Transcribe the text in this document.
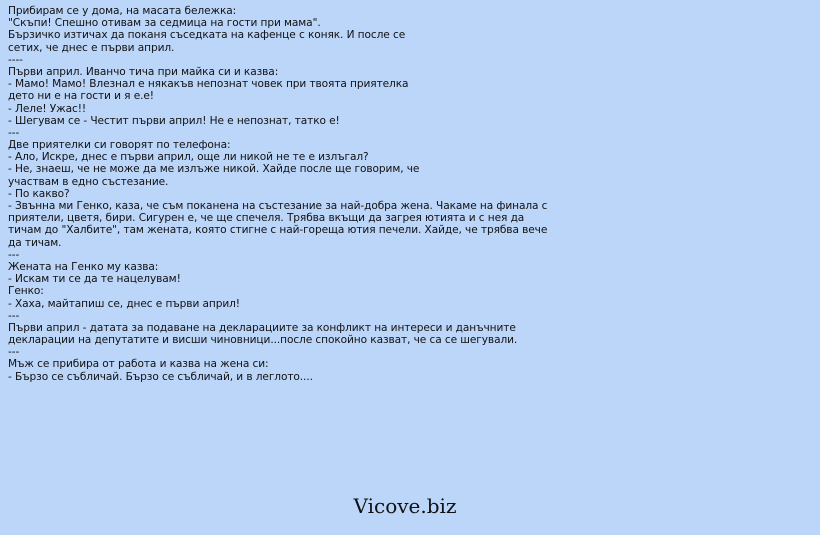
Прибирам се у дома, на масата бележка:
"Скъпи! Спешно отивам за седмица на гости при мама".
Бързичко изтичах да поканя съседката на кафенце с коняк. И после се
сетих, че днес е първи април.
----
Първи април. Иванчо тича при майка си и казва:
- Мамо! Мамо! Влезнал е някакъв непознат човек при твоята приятелка
дето ни е на гости и я е.е!
- Леле! Ужас!!
- Шегувам се - Честит първи април! Не е непознат, татко е!
---
Две приятелки си говорят по телефона:
- Ало, Искре, днес е първи април, още ли никой не те е излъгал?
- Не, знаеш, че не може да ме излъже никой. Хайде после ще говорим, че
участвам в едно състезание.
- По какво?
- Звънна ми Генко, каза, че съм поканена на състезание за най-добра жена. Чакаме на финала с
приятели, цветя, бири. Сигурен е, че ще спечеля. Трябва вкъщи да загрея ютията и с нея да
тичам до "Халбите", там жената, която стигне с най-гореща ютия печели. Хайде, че трябва вече
да тичам.
---
Жената на Генко му казва:
- Искам ти се да те нацелувам!
Генко:
- Хаха, майтапиш се, днес е първи април!
---
Първи април - датата за подаване на декларациите за конфликт на интереси и данъчните
декларации на депутатите и висши чиновници...после спокойно казват, че са се шегували.
---
Мъж се прибира от работа и казва на жена си:
- Бързо се събличай. Бързо се събличай, и в леглото....
Vicove.biz
